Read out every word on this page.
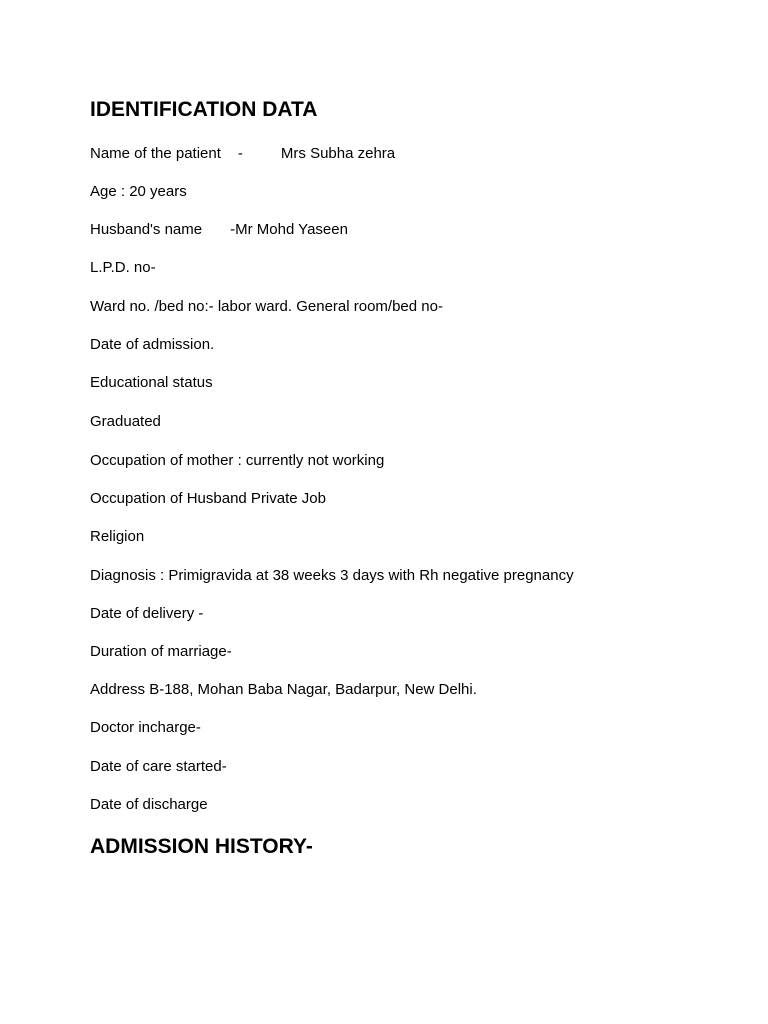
IDENTIFICATION DATA
Name of the patient -	Mrs Subha zehra
Age : 20 years
Husband's name -Mr Mohd Yaseen
L.P.D. no-
Ward no. /bed no:- labor ward. General room/bed no-
Date of admission.
Educational status
Graduated
Occupation of mother : currently not working
Occupation of Husband Private Job
Religion
Diagnosis : Primigravida at 38 weeks 3 days with Rh negative pregnancy
Date of delivery -
Duration of marriage-
Address B-188, Mohan Baba Nagar, Badarpur, New Delhi.
Doctor incharge-
Date of care started-
Date of discharge
ADMISSION HISTORY-
